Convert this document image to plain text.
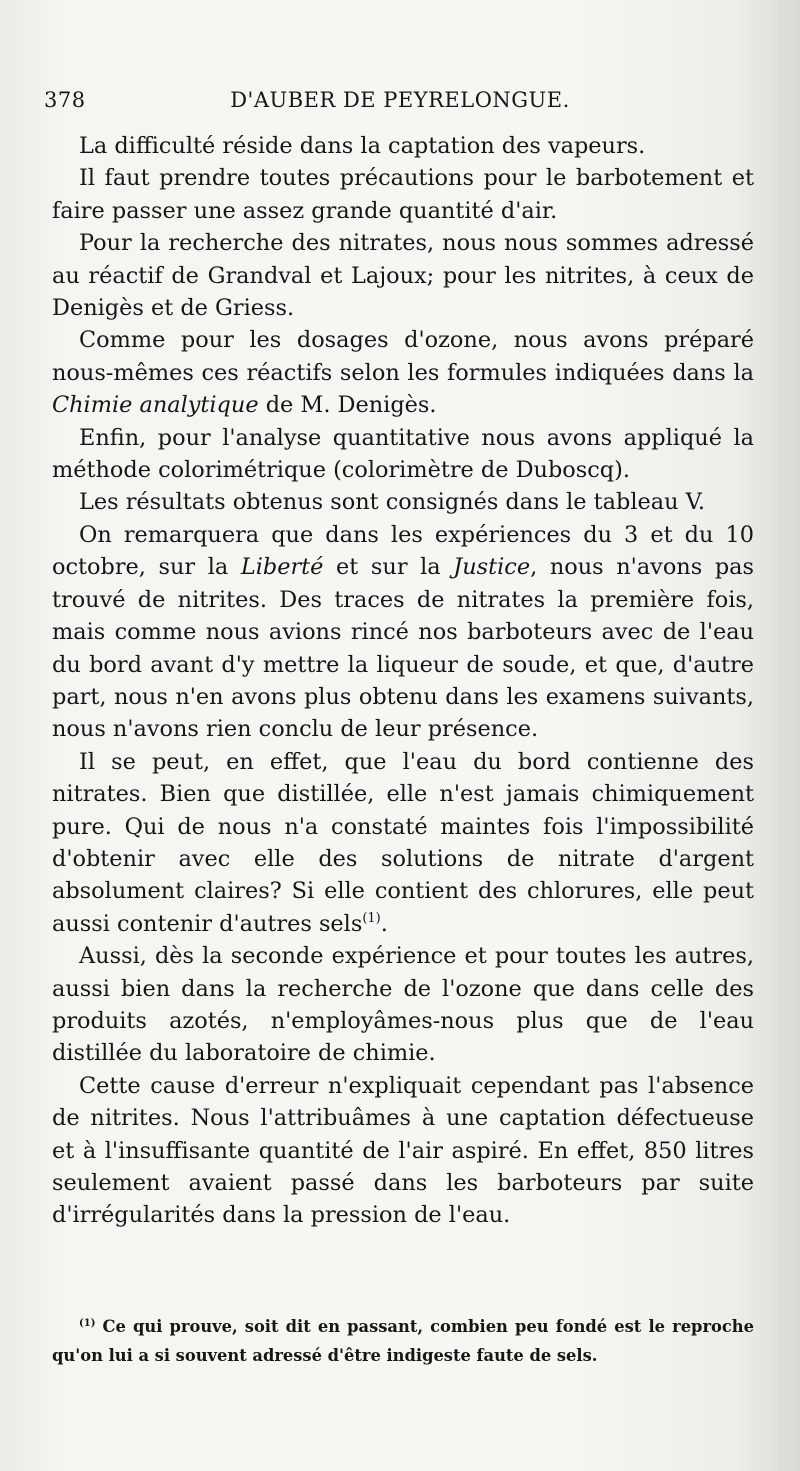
378	D'AUBER DE PEYRELONGUE.

La difficulté réside dans la captation des vapeurs.

Il faut prendre toutes précautions pour le barbotement et faire passer une assez grande quantité d'air.

Pour la recherche des nitrates, nous nous sommes adressé au réactif de Grandval et Lajoux; pour les nitrites, à ceux de Denigès et de Griess.

Comme pour les dosages d'ozone, nous avons préparé nous-mêmes ces réactifs selon les formules indiquées dans la Chimie analytique de M. Denigès.

Enfin, pour l'analyse quantitative nous avons appliqué la méthode colorimétrique (colorimètre de Duboscq).

Les résultats obtenus sont consignés dans le tableau V.

On remarquera que dans les expériences du 3 et du 10 octobre, sur la Liberté et sur la Justice, nous n'avons pas trouvé de nitrites. Des traces de nitrates la première fois, mais comme nous avions rincé nos barboteurs avec de l'eau du bord avant d'y mettre la liqueur de soude, et que, d'autre part, nous n'en avons plus obtenu dans les examens suivants, nous n'avons rien conclu de leur présence.

Il se peut, en effet, que l'eau du bord contienne des nitrates. Bien que distillée, elle n'est jamais chimiquement pure. Qui de nous n'a constaté maintes fois l'impossibilité d'obtenir avec elle des solutions de nitrate d'argent absolument claires? Si elle contient des chlorures, elle peut aussi contenir d'autres sels$^{(1)}$.

Aussi, dès la seconde expérience et pour toutes les autres, aussi bien dans la recherche de l'ozone que dans celle des produits azotés, n'employâmes-nous plus que de l'eau distillée du laboratoire de chimie.

Cette cause d'erreur n'expliquait cependant pas l'absence de nitrites. Nous l'attribuâmes à une captation défectueuse et à l'insuffisante quantité de l'air aspiré. En effet, 850 litres seulement avaient passé dans les barboteurs par suite d'irrégularités dans la pression de l'eau.

$^{(1)}$ Ce qui prouve, soit dit en passant, combien peu fondé est le reproche qu'on lui a si souvent adressé d'être indigeste faute de sels.
